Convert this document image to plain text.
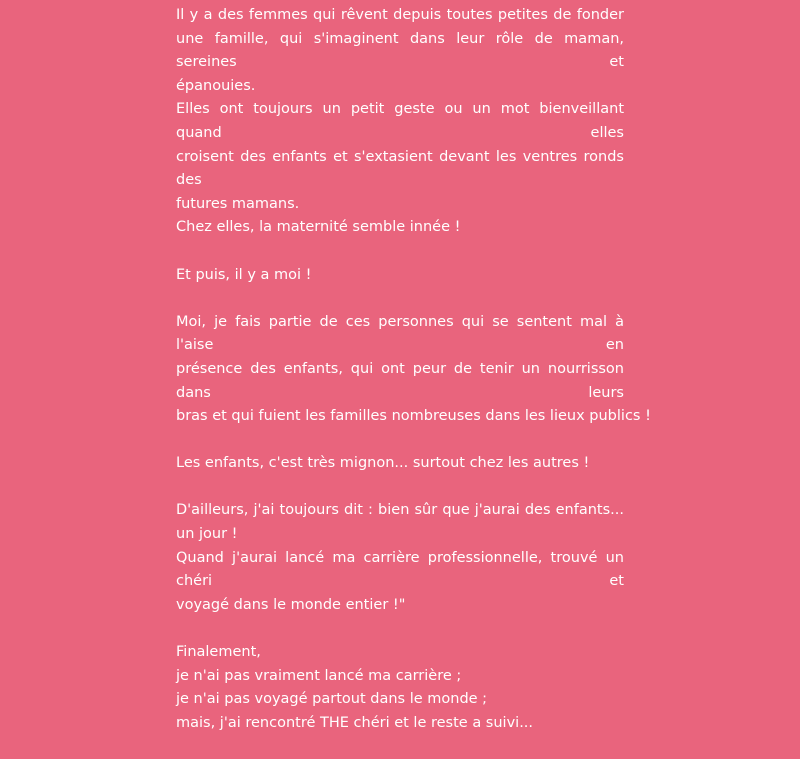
Il y a des femmes qui rêvent depuis toutes petites de fonder
une famille, qui s'imaginent dans leur rôle de maman, sereines et
épanouies.
Elles ont toujours un petit geste ou un mot bienveillant quand elles
croisent des enfants et s'extasient devant les ventres ronds des
futures mamans.
Chez elles, la maternité semble innée !

Et puis, il y a moi !

Moi, je fais partie de ces personnes qui se sentent mal à l'aise en
présence des enfants, qui ont peur de tenir un nourrisson dans leurs
bras et qui fuient les familles nombreuses dans les lieux publics !

Les enfants, c'est très mignon... surtout chez les autres !

D'ailleurs, j'ai toujours dit : bien sûr que j'aurai des enfants...
un jour !
Quand j'aurai lancé ma carrière professionnelle, trouvé un chéri et
voyagé dans le monde entier !"

Finalement,
je n'ai pas vraiment lancé ma carrière ;
je n'ai pas voyagé partout dans le monde ;
mais, j'ai rencontré THE chéri et le reste a suivi...
